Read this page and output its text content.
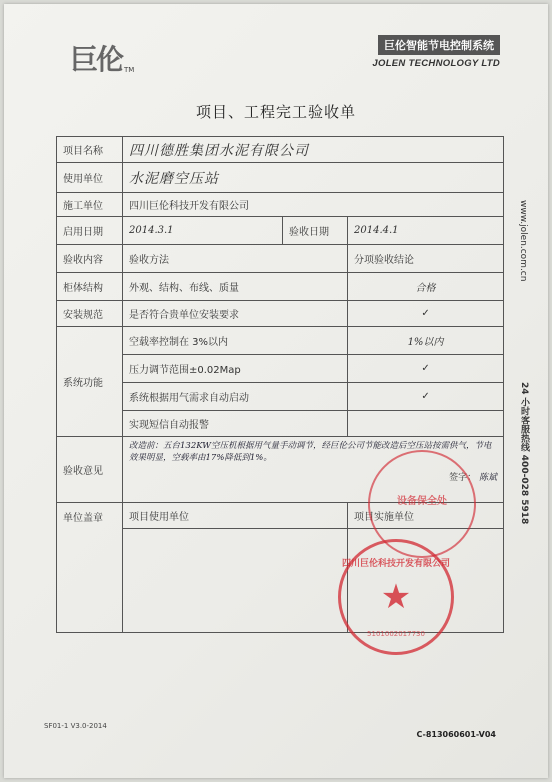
巨伦 TM
巨伦智能节电控制系统
JOLEN TECHNOLOGY LTD
项目、工程完工验收单
项目名称	四川德胜集团水泥有限公司		
使用单位	水泥磨空压站		
施工单位	四川巨伦科技开发有限公司		
启用日期	2014.3.1	验收日期	2014.4.1
验收内容	验收方法		分项验收结论
柜体结构	外观、结构、布线、质量		合格
安装规范	是否符合贵单位安装要求		✓
系统功能	空载率控制在 3%以内		1%以内
	压力调节范围±0.02Map		✓
	系统根据用气需求自动启动		✓
	实现短信自动报警		
验收意见	改造前：五台132KW空压机根据用气量手动调节，经巨伦公司节能改造后空压站按需供气，节电效果明显，空载率由17%降低到1%。
签字： 陈斌		

单位盖章	项目使用单位		项目实施单位

www.jolen.com.cn
24 小时客服热线 400-028 5918
设备保全处
四川巨伦科技开发有限公司
★
5101002017730
SF01-1 V3.0-2014
C-813060601-V04
